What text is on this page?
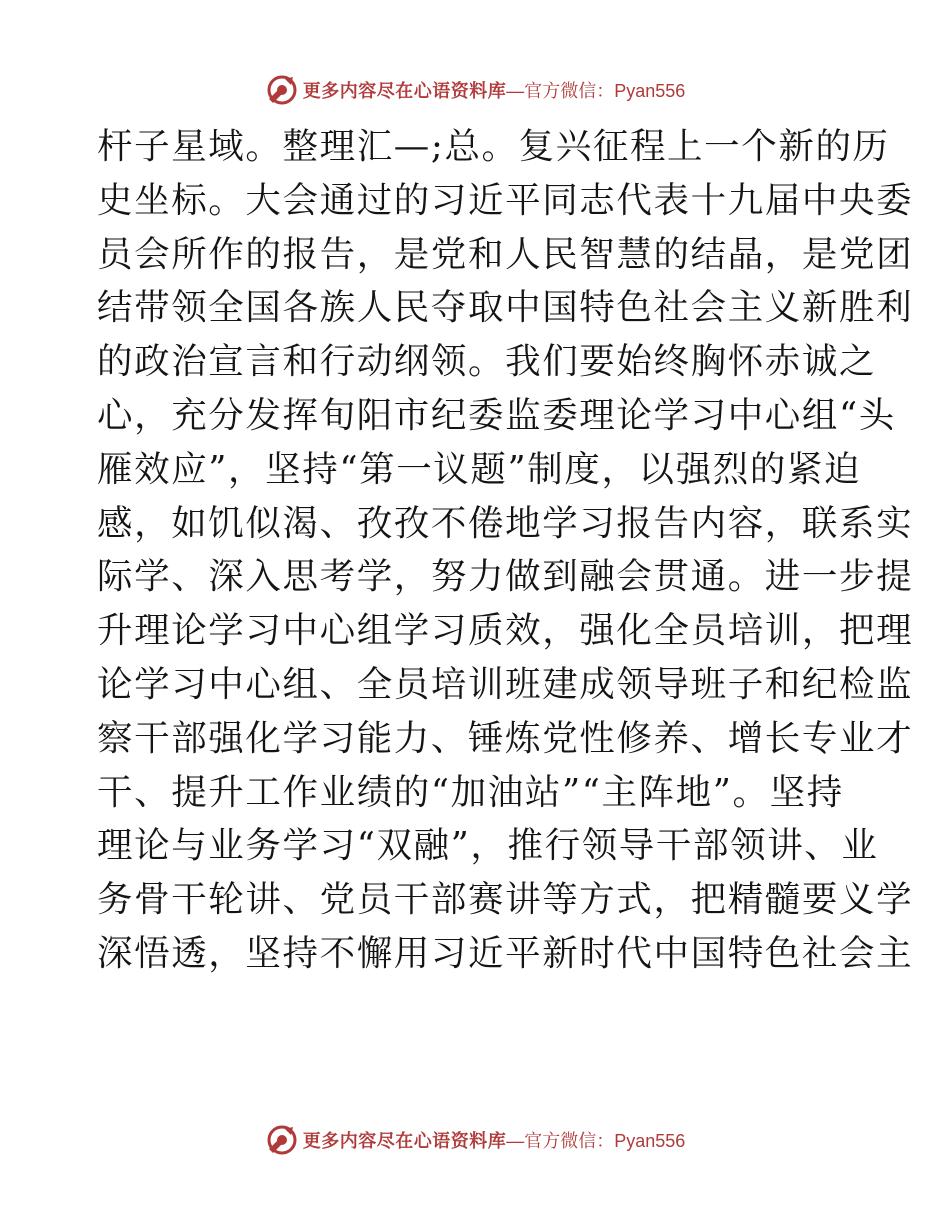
更多内容尽在心语资料库 —官方微信：Pyan556
杆子星域。整理汇—;总。复兴征程上一个新的历
史坐标。大会通过的习近平同志代表十九届中央委
员会所作的报告，是党和人民智慧的结晶，是党团
结带领全国各族人民夺取中国特色社会主义新胜利
的政治宣言和行动纲领。我们要始终胸怀赤诚之
心，充分发挥旬阳市纪委监委理论学习中心组“头
雁效应”，坚持“第一议题”制度，以强烈的紧迫
感，如饥似渴、孜孜不倦地学习报告内容，联系实
际学、深入思考学，努力做到融会贯通。进一步提
升理论学习中心组学习质效，强化全员培训，把理
论学习中心组、全员培训班建成领导班子和纪检监
察干部强化学习能力、锤炼党性修养、增长专业才
干、提升工作业绩的“加油站”“主阵地”。坚持
理论与业务学习“双融”，推行领导干部领讲、业
务骨干轮讲、党员干部赛讲等方式，把精髓要义学
深悟透，坚持不懈用习近平新时代中国特色社会主
更多内容尽在心语资料库 —官方微信：Pyan556
